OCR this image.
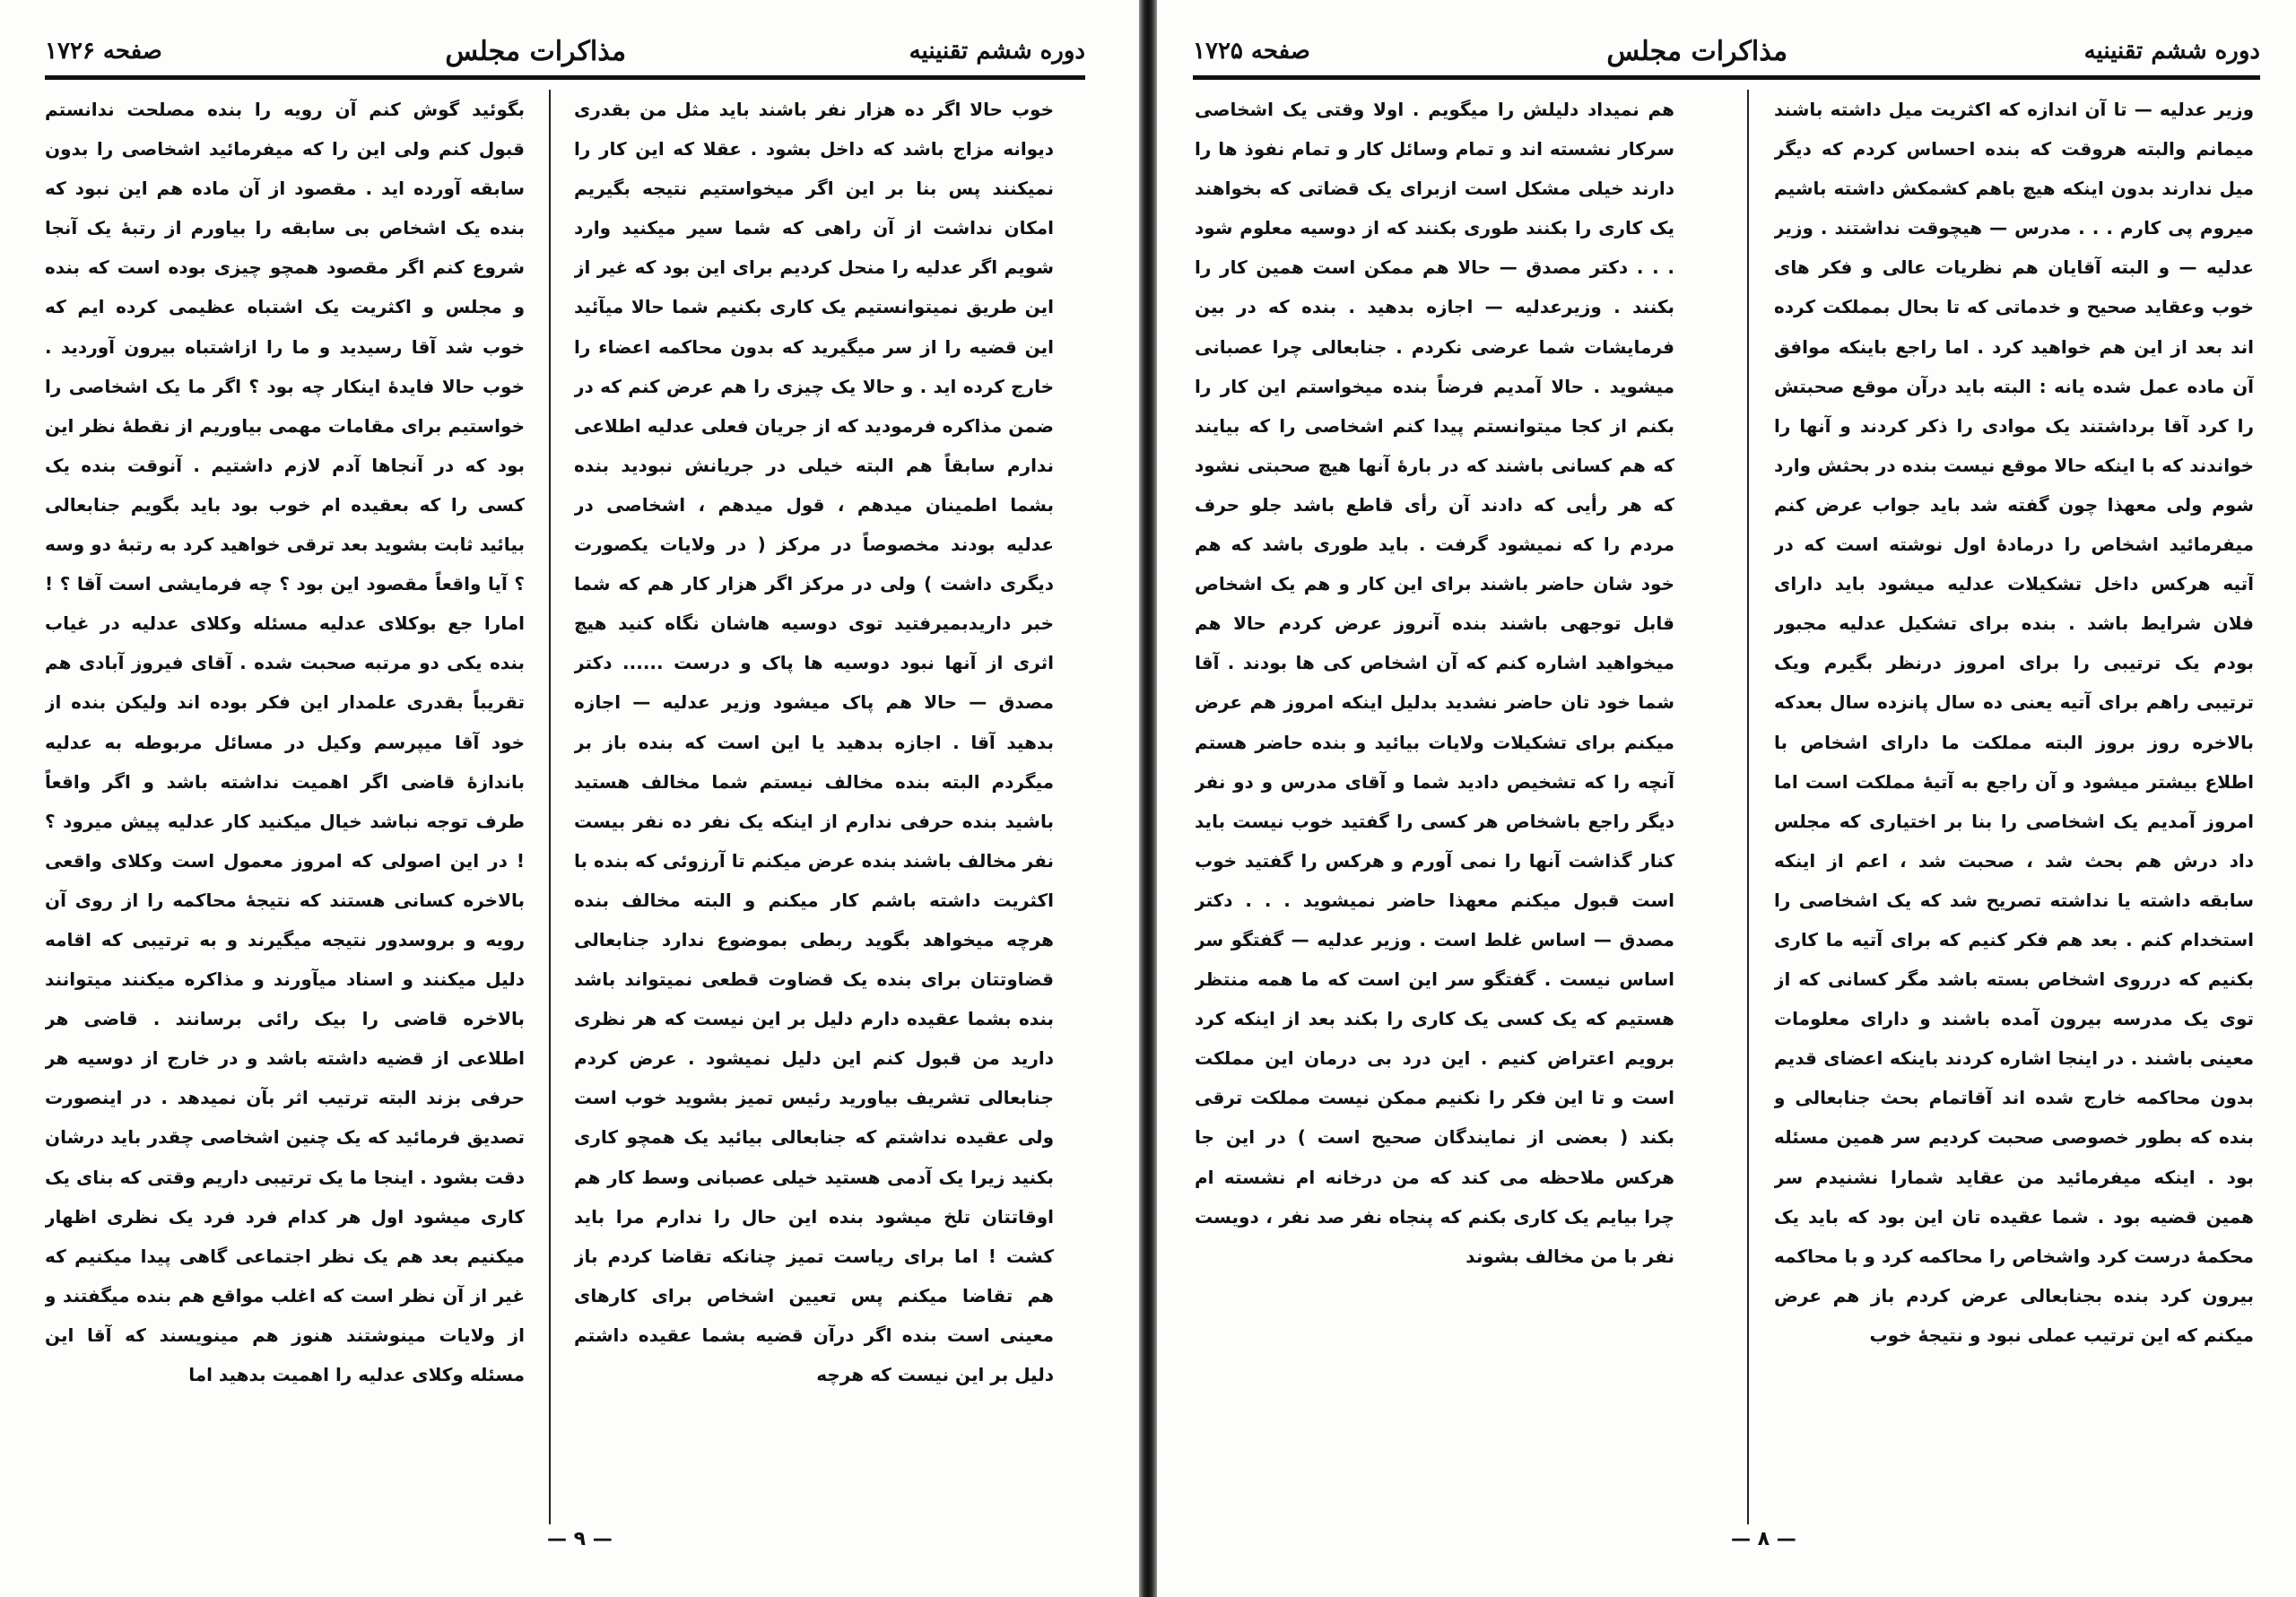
دوره ششم تقنینیه
مذاکرات مجلس
صفحه ۱۷۲۶

خوب حالا اگر ده هزار نفر باشند باید مثل من بقدری دیوانه مزاج باشد که داخل بشود . عقلا که این کار را نمیکنند پس بنا بر این اگر میخواستیم نتیجه بگیریم امکان نداشت از آن راهی که شما سیر میکنید وارد شویم اگر عدلیه را منحل کردیم برای این بود که غیر از این طریق نمیتوانستیم یک کاری بکنیم شما حالا میآئید این قضیه را از سر میگیرید که بدون محاکمه اعضاء را خارج کرده اید . و حالا یک چیزی را هم عرض کنم که در ضمن مذاکره فرمودید که از جریان فعلی عدلیه اطلاعی ندارم سابقاً هم البته خیلی در جریانش نبودید بنده بشما اطمینان میدهم ، قول میدهم ، اشخاصی در عدلیه بودند مخصوصاً در مرکز ( در ولایات یکصورت دیگری داشت ) ولی در مرکز اگر هزار کار هم که شما خبر داریدبمیرفتید توی دوسیه هاشان نگاه کنید هیچ اثری از آنها نبود دوسیه ها پاک و درست ...... دکتر مصدق — حالا هم پاک میشود وزیر عدلیه — اجازه بدهید آقا . اجازه بدهید یا این است که بنده باز بر میگردم البته بنده مخالف نیستم شما مخالف هستید باشید بنده حرفی ندارم از اینکه یک نفر ده نفر بیست نفر مخالف باشند بنده عرض میکنم تا آرزوئی که بنده با اکثریت داشته باشم کار میکنم و البته مخالف بنده هرچه میخواهد بگوید ربطی بموضوع ندارد جنابعالی قضاوتتان برای بنده یک قضاوت قطعی نمیتواند باشد بنده بشما عقیده دارم دلیل بر این نیست که هر نظری دارید من قبول کنم این دلیل نمیشود . عرض کردم جنابعالی تشریف بیاورید رئیس تمیز بشوید خوب است ولی عقیده نداشتم که جنابعالی بیائید یک همچو کاری بکنید زیرا یک آدمی هستید خیلی عصبانی وسط کار هم اوقاتتان تلخ میشود بنده این حال را ندارم مرا باید کشت ! اما برای ریاست تمیز چنانکه تقاضا کردم باز هم تقاضا میکنم پس تعیین اشخاص برای کارهای معینی است بنده اگر درآن قضیه بشما عقیده داشتم دلیل بر این نیست که هرچه

بگوئید گوش کنم آن رویه را بنده مصلحت ندانستم قبول کنم ولی این را که میفرمائید اشخاصی را بدون سابقه آورده اید . مقصود از آن ماده هم این نبود که بنده یک اشخاص بی سابقه را بیاورم از رتبهٔ یک آنجا شروع کنم اگر مقصود همچو چیزی بوده است که بنده و مجلس و اکثریت یک اشتباه عظیمی کرده ایم که خوب شد آقا رسیدید و ما را ازاشتباه بیرون آوردید . خوب حالا فایدهٔ اینکار چه بود ؟ اگر ما یک اشخاصی را خواستیم برای مقامات مهمی بیاوریم از نقطهٔ نظر این بود که در آنجاها آدم لازم داشتیم . آنوقت بنده یک کسی را که بعقیده ام خوب بود باید بگویم جنابعالی بیائید ثابت بشوید بعد ترقی خواهید کرد به رتبهٔ دو وسه ؟ آیا واقعاً مقصود این بود ؟ چه فرمایشی است آقا ؟ ! امارا جع بوکلای عدلیه مسئله وکلای عدلیه در غیاب بنده یکی دو مرتبه صحبت شده . آقای فیروز آبادی هم تقریباً بقدری علمدار این فکر بوده اند ولیکن بنده از خود آقا میپرسم وکیل در مسائل مربوطه به عدلیه باندازهٔ قاضی اگر اهمیت نداشته باشد و اگر واقعاً طرف توجه نباشد خیال میکنید کار عدلیه پیش میرود ؟ ! در این اصولی که امروز معمول است وکلای واقعی بالاخره کسانی هستند که نتیجهٔ محاکمه را از روی آن رویه و بروسدور نتیجه میگیرند و به ترتیبی که اقامه دلیل میکنند و اسناد میآورند و مذاکره میکنند میتوانند بالاخره قاضی را بیک رائی برسانند . قاضی هر اطلاعی از قضیه داشته باشد و در خارج از دوسیه هر حرفی بزند البته ترتیب اثر بآن نمیدهد . در اینصورت تصدیق فرمائید که یک چنین اشخاصی چقدر باید درشان دقت بشود . اینجا ما یک ترتیبی داریم وقتی که بنای یک کاری میشود اول هر کدام فرد فرد یک نظری اظهار میکنیم بعد هم یک نظر اجتماعی گاهی پیدا میکنیم که غیر از آن نظر است که اغلب مواقع هم بنده میگفتند و از ولایات مینوشتند هنوز هم مینویسند که آقا این مسئله وکلای عدلیه را اهمیت بدهید اما

— ۹ —
دوره ششم تقنینیه
مذاکرات مجلس
صفحه ۱۷۲۵

وزیر عدلیه — تا آن اندازه که اکثریت میل داشته باشند میمانم والبته هروقت که بنده احساس کردم که دیگر میل ندارند بدون اینکه هیچ باهم کشمکش داشته باشیم میروم پی کارم . . . مدرس — هیچوقت نداشتند . وزیر عدلیه — و البته آقایان هم نظریات عالی و فکر های خوب وعقاید صحیح و خدماتی که تا بحال بمملکت کرده اند بعد از این هم خواهید کرد . اما راجع باینکه موافق آن ماده عمل شده یانه : البته باید درآن موقع صحبتش را کرد آقا برداشتند یک موادی را ذکر کردند و آنها را خواندند که با اینکه حالا موقع نیست بنده در بحثش وارد شوم ولی معهذا چون گفته شد باید جواب عرض کنم میفرمائید اشخاص را درمادهٔ اول نوشته است که در آتیه هرکس داخل تشکیلات عدلیه میشود باید دارای فلان شرایط باشد . بنده برای تشکیل عدلیه مجبور بودم یک ترتیبی را برای امروز درنظر بگیرم ویک ترتیبی راهم برای آتیه یعنی ده سال پانزده سال بعدکه بالاخره روز بروز البته مملکت ما دارای اشخاص با اطلاع بیشتر میشود و آن راجع به آتیهٔ مملکت است اما امروز آمدیم یک اشخاصی را بنا بر اختیاری که مجلس داد درش هم بحث شد ، صحبت شد ، اعم از اینکه سابقه داشته یا نداشته تصریح شد که یک اشخاصی را استخدام کنم . بعد هم فکر کنیم که برای آتیه ما کاری بکنیم که درروی اشخاص بسته باشد مگر کسانی که از توی یک مدرسه بیرون آمده باشند و دارای معلومات معینی باشند . در اینجا اشاره کردند باینکه اعضای قدیم بدون محاکمه خارج شده اند آقاتمام بحث جنابعالی و بنده که بطور خصوصی صحبت کردیم سر همین مسئله بود . اینکه میفرمائید من عقاید شمارا نشنیدم سر همین قضیه بود . شما عقیده تان این بود که باید یک محکمهٔ درست کرد واشخاص را محاکمه کرد و با محاکمه بیرون کرد بنده بجنابعالی عرض کردم باز هم عرض میکنم که این ترتیب عملی نبود و نتیجهٔ خوب

هم نمیداد دلیلش را میگویم . اولا وقتی یک اشخاصی سرکار نشسته اند و تمام وسائل کار و تمام نفوذ ها را دارند خیلی مشکل است ازبرای یک قضاتی که بخواهند یک کاری را بکنند طوری بکنند که از دوسیه معلوم شود . . . دکتر مصدق — حالا هم ممکن است همین کار را بکنند . وزیرعدلیه — اجازه بدهید . بنده که در بین فرمایشات شما عرضی نکردم . جنابعالی چرا عصبانی میشوید . حالا آمدیم فرضاً بنده میخواستم این کار را بکنم از کجا میتوانستم پیدا کنم اشخاصی را که بیایند که هم کسانی باشند که در بارهٔ آنها هیچ صحبتی نشود که هر رأیی که دادند آن رأی قاطع باشد جلو حرف مردم را که نمیشود گرفت . باید طوری باشد که هم خود شان حاضر باشند برای این کار و هم یک اشخاص قابل توجهی باشند بنده آنروز عرض کردم حالا هم میخواهید اشاره کنم که آن اشخاص کی ها بودند . آقا شما خود تان حاضر نشدید بدلیل اینکه امروز هم عرض میکنم برای تشکیلات ولایات بیائید و بنده حاضر هستم آنچه را که تشخیص دادید شما و آقای مدرس و دو نفر دیگر راجع باشخاص هر کسی را گفتید خوب نیست باید کنار گذاشت آنها را نمی آورم و هرکس را گفتید خوب است قبول میکنم معهذا حاضر نمیشوید . . . دکتر مصدق — اساس غلط است . وزیر عدلیه — گفتگو سر اساس نیست . گفتگو سر این است که ما همه منتظر هستیم که یک کسی یک کاری را بکند بعد از اینکه کرد برویم اعتراض کنیم . این درد بی درمان این مملکت است و تا این فکر را نکنیم ممکن نیست مملکت ترقی بکند ( بعضی از نمایندگان صحیح است ) در این جا هرکس ملاحظه می کند که من درخانه ام نشسته ام چرا بیایم یک کاری بکنم که پنجاه نفر صد نفر ، دویست نفر با من مخالف بشوند

— ۸ —
